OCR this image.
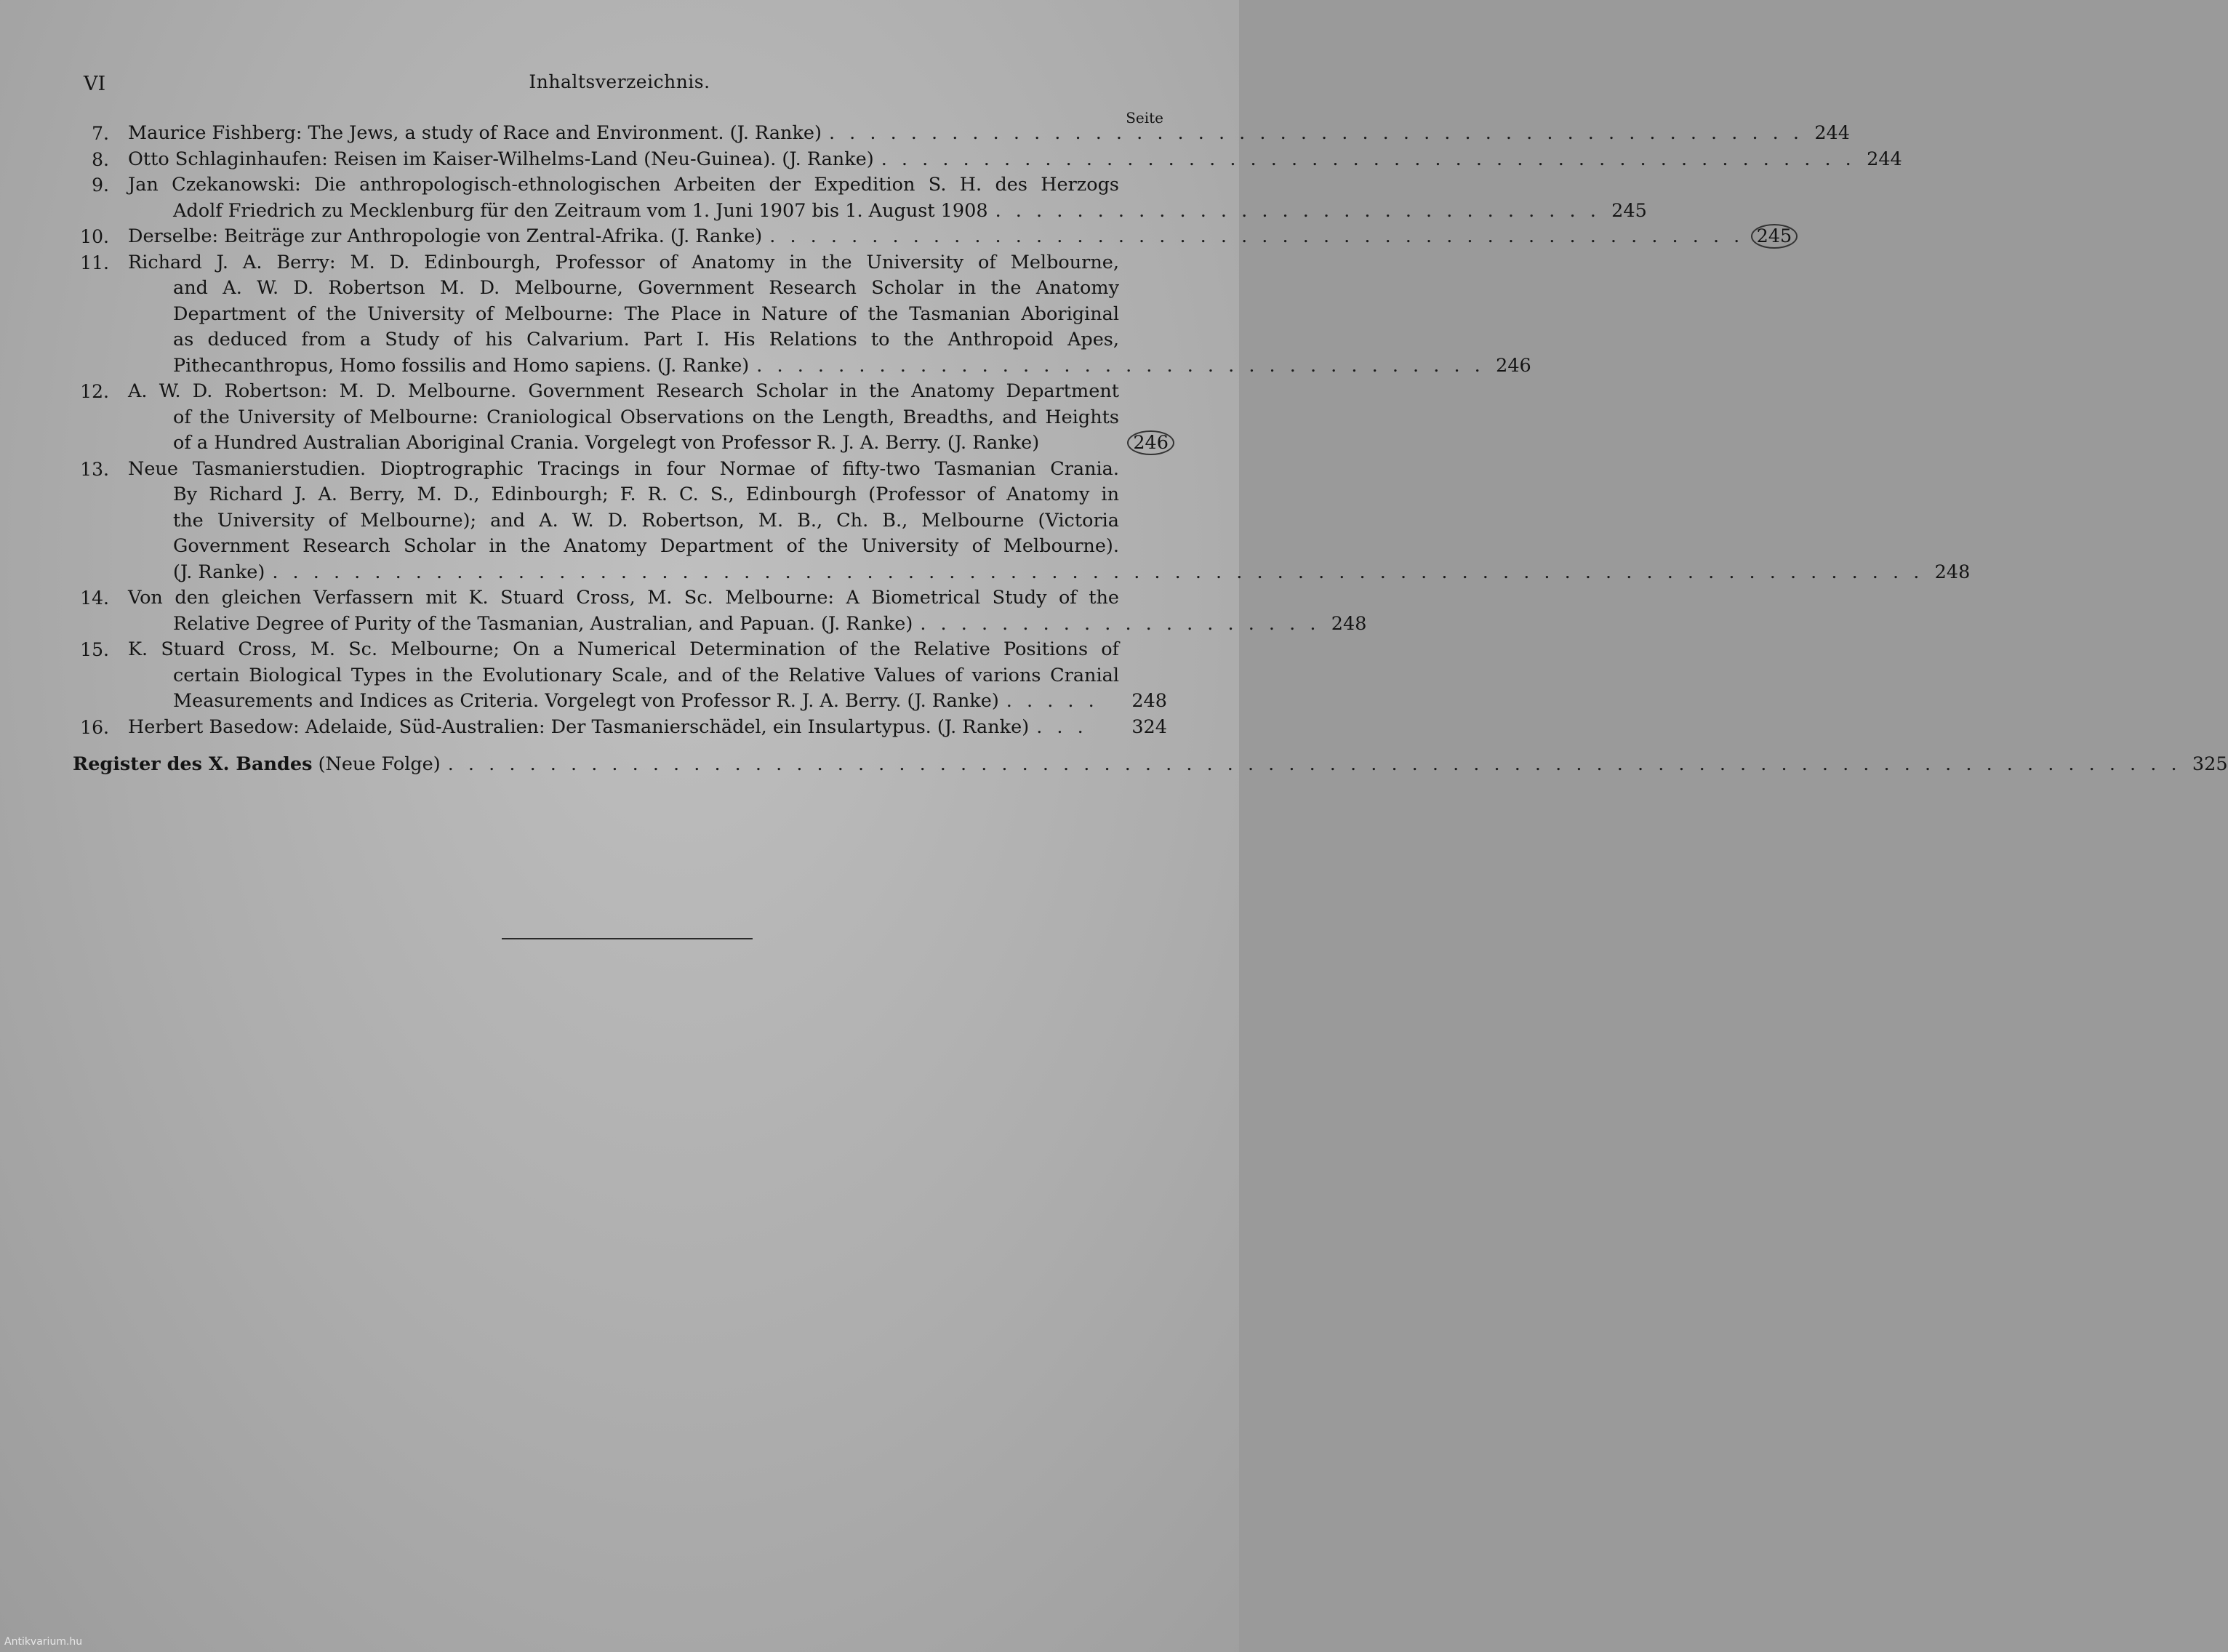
VI	Inhaltsverzeichnis.
Seite
7. Maurice Fishberg: The Jews, a study of Race and Environment. (J. Ranke) . . . . . . . . . . . . . . . . . . . . . . . . . . . . . . . . . . . . . . . . . . . . . . . . 244
8. Otto Schlaginhaufen: Reisen im Kaiser-Wilhelms-Land (Neu-Guinea). (J. Ranke) . . . . . . . . . . . . . . . . . . . . . . . . . . . . . . . . . . . . . . . . . . . . . . . . 244
9. Jan Czekanowski: Die anthropologisch-ethnologischen Arbeiten der Expedition S. H. des Herzogs
Adolf Friedrich zu Mecklenburg für den Zeitraum vom 1. Juni 1907 bis 1. August 1908 . . . . . . . . . . . . . . . . . . . . . . . . . . . . . . 245
10. Derselbe: Beiträge zur Anthropologie von Zentral-Afrika. (J. Ranke) . . . . . . . . . . . . . . . . . . . . . . . . . . . . . . . . . . . . . . . . . . . . . . . . 245
11. Richard J. A. Berry: M. D. Edinbourgh, Professor of Anatomy in the University of Melbourne,
and A. W. D. Robertson M. D. Melbourne, Government Research Scholar in the Anatomy
Department of the University of Melbourne: The Place in Nature of the Tasmanian Aboriginal
as deduced from a Study of his Calvarium. Part I. His Relations to the Anthropoid Apes,
Pithecanthropus, Homo fossilis and Homo sapiens. (J. Ranke) . . . . . . . . . . . . . . . . . . . . . . . . . . . . . . . . . . . . 246
12. A. W. D. Robertson: M. D. Melbourne. Government Research Scholar in the Anatomy Department
of the University of Melbourne: Craniological Observations on the Length, Breadths, and Heights
of a Hundred Australian Aboriginal Crania. Vorgelegt von Professor R. J. A. Berry. (J. Ranke)	246
13. Neue Tasmanierstudien. Dioptrographic Tracings in four Normae of fifty-two Tasmanian Crania.
By Richard J. A. Berry, M. D., Edinbourgh; F. R. C. S., Edinbourgh (Professor of Anatomy in
the University of Melbourne); and A. W. D. Robertson, M. B., Ch. B., Melbourne (Victoria
Government Research Scholar in the Anatomy Department of the University of Melbourne).
(J. Ranke) . . . . . . . . . . . . . . . . . . . . . . . . . . . . . . . . . . . . . . . . . . . . . . . . . . . . . . . . . . . . . . . . . . . . . . . . . . . . . . . . . 248
14. Von den gleichen Verfassern mit K. Stuard Cross, M. Sc. Melbourne: A Biometrical Study of the
Relative Degree of Purity of the Tasmanian, Australian, and Papuan. (J. Ranke) . . . . . . . . . . . . . . . . . . . . 248
15. K. Stuard Cross, M. Sc. Melbourne; On a Numerical Determination of the Relative Positions of
certain Biological Types in the Evolutionary Scale, and of the Relative Values of varions Cranial
Measurements and Indices as Criteria. Vorgelegt von Professor R. J. A. Berry. (J. Ranke) . . . . .	248
16. Herbert Basedow: Adelaide, Süd-Australien: Der Tasmanierschädel, ein Insulartypus. (J. Ranke) . . .	324
Register des X. Bandes (Neue Folge) . . . . . . . . . . . . . . . . . . . . . . . . . . . . . . . . . . . . . . . . . . . . . . . . . . . . . . . . . . . . . . . . . . . . . . . . . . . . . . . . . . . . . 325
Antikvarium.hu
